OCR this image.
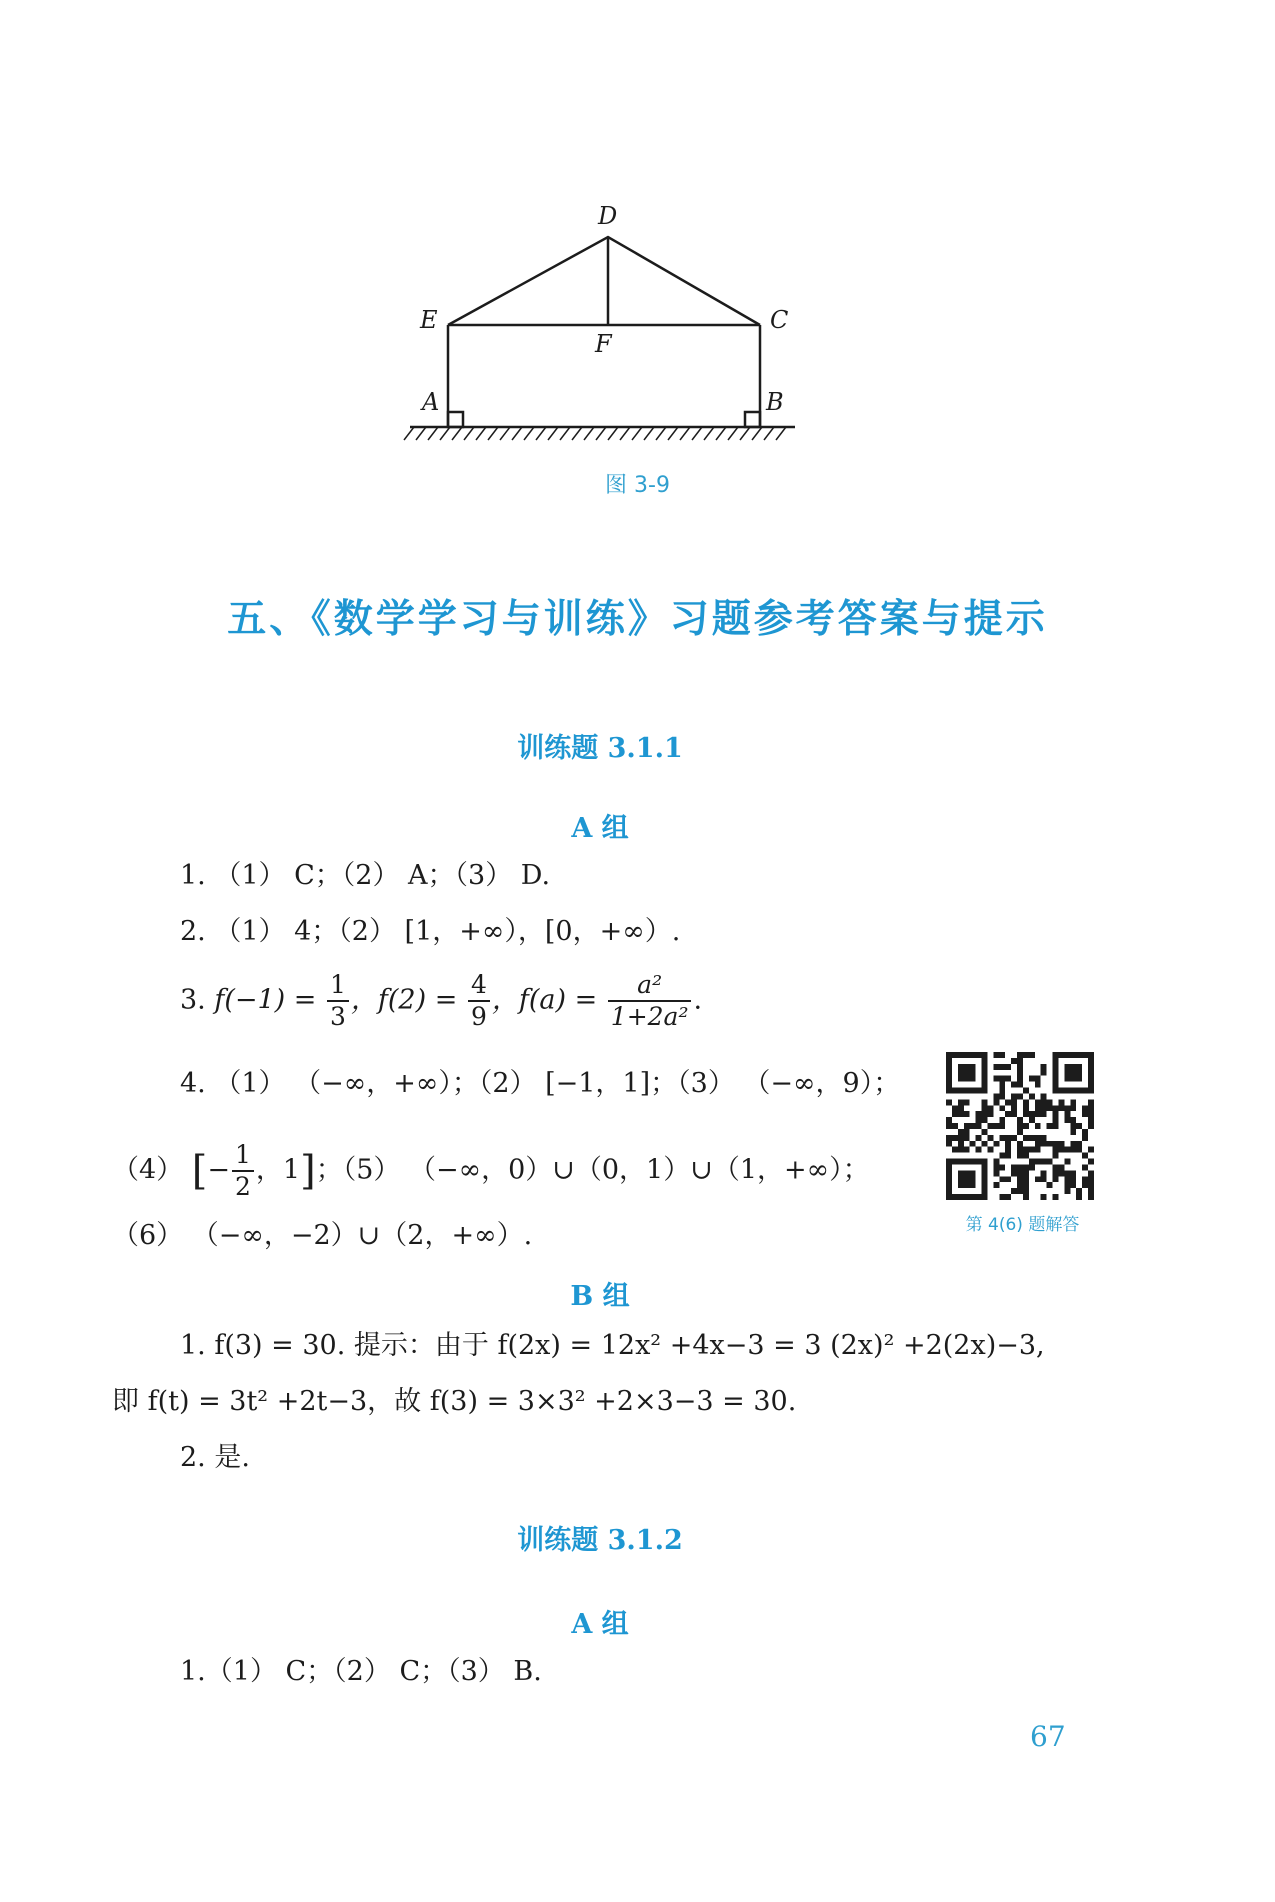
D
E	C
F
A	B
图 3-9
五、《数学学习与训练》习题参考答案与提示
训练题 3.1.1
A 组
1. （1） C；（2） A；（3） D.
2. （1） 4；（2） [1，+∞），[0，+∞）.
3. $f(-1) = \frac{1}{3}$ ，$f(2) = \frac{4}{9}$ ，$f(a) = \frac{\text{a²}}{\text{1+2a²}}$ .
4. （1） （−∞，+∞）；（2） [−1，1]；（3） （−∞，9）；
（4） [− $\frac{1}{2}$ ，1]；（5） （−∞，0）∪（0，1）∪（1，+∞）；
（6） （−∞，−2）∪（2，+∞）.
B 组
1. f(3) = 30. 提示：由于 f(2x) = 12x² +4x−3 = 3 (2x)² +2(2x)−3,
即 f(t) = 3t² +2t−3，故 f(3) = 3×3² +2×3−3 = 30.
2. 是.
训练题 3.1.2
A 组
1.（1） C；（2） C；（3） B.
第 4(6) 题解答
67
